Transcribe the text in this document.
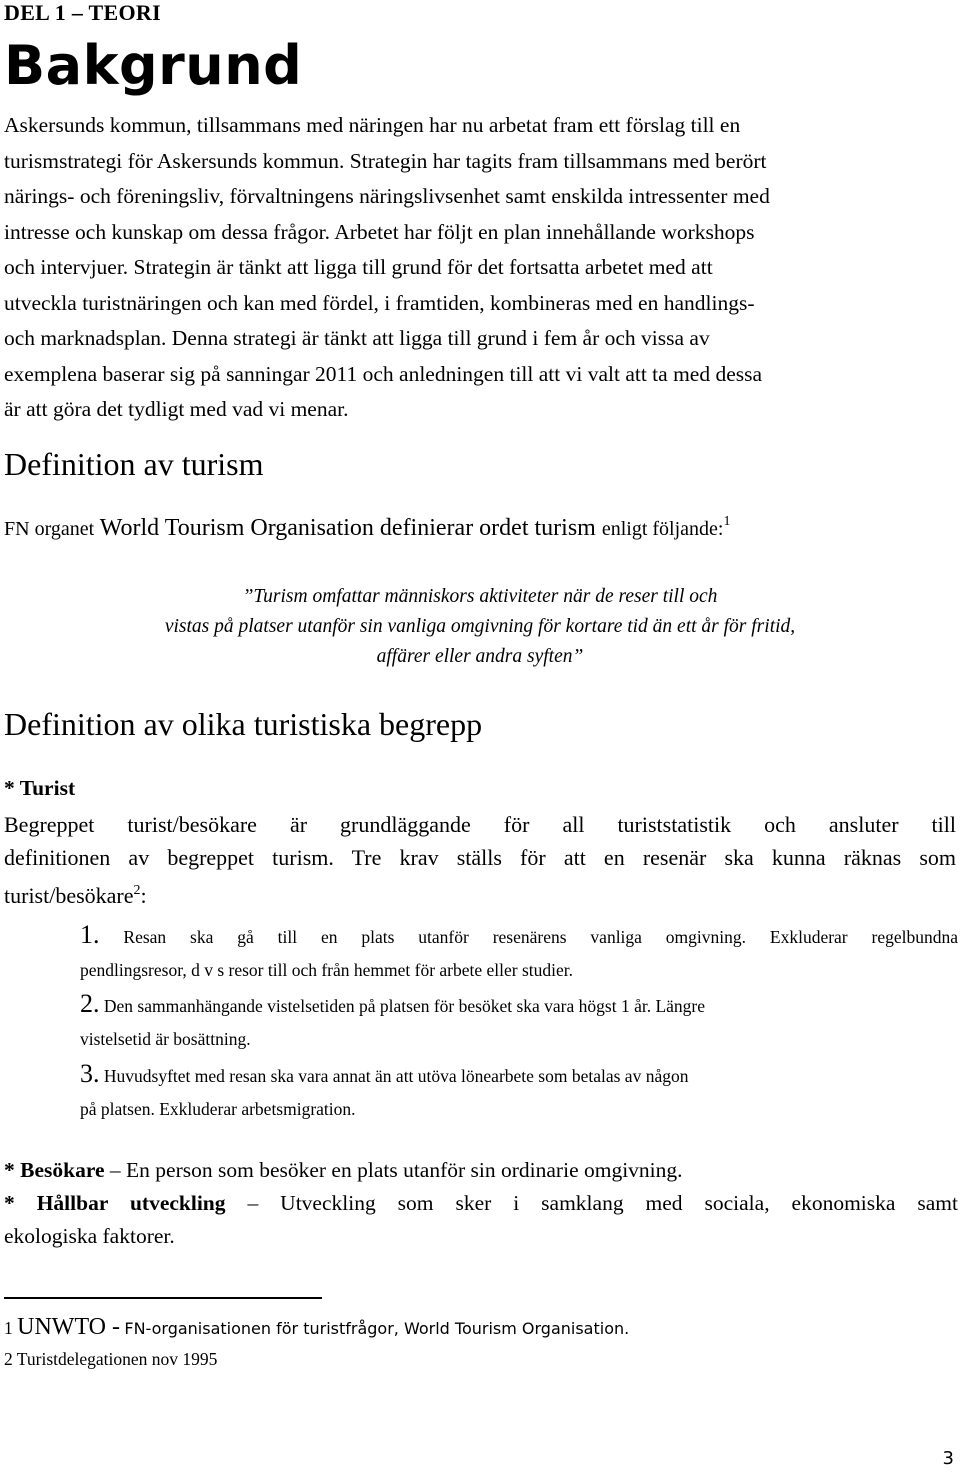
DEL 1 – TEORI
Bakgrund
Askersunds kommun, tillsammans med näringen har nu arbetat fram ett förslag till en
turismstrategi för Askersunds kommun. Strategin har tagits fram tillsammans med berört
närings- och föreningsliv, förvaltningens näringslivsenhet samt enskilda intressenter med
intresse och kunskap om dessa frågor. Arbetet har följt en plan innehållande workshops
och intervjuer. Strategin är tänkt att ligga till grund för det fortsatta arbetet med att
utveckla turistnäringen och kan med fördel, i framtiden, kombineras med en handlings-
och marknadsplan. Denna strategi är tänkt att ligga till grund i fem år och vissa av
exemplena baserar sig på sanningar 2011 och anledningen till att vi valt att ta med dessa
är att göra det tydligt med vad vi menar.
Definition av turism
FN organet World Tourism Organisation definierar ordet turism enligt följande:$^1$
”Turism omfattar människors aktiviteter när de reser till och
vistas på platser utanför sin vanliga omgivning för kortare tid än ett år för fritid,
affärer eller andra syften”
Definition av olika turistiska begrepp
* Turist
Begreppet turist/besökare är grundläggande för all turiststatistik och ansluter till
definitionen av begreppet turism. Tre krav ställs för att en resenär ska kunna räknas som
turist/besökare$^2$:
1. Resan ska gå till en plats utanför resenärens vanliga omgivning. Exkluderar regelbundna
pendlingsresor, d v s resor till och från hemmet för arbete eller studier.
2. Den sammanhängande vistelsetiden på platsen för besöket ska vara högst 1 år. Längre
vistelsetid är bosättning.
3. Huvudsyftet med resan ska vara annat än att utöva lönearbete som betalas av någon
på platsen. Exkluderar arbetsmigration.
* Besökare – En person som besöker en plats utanför sin ordinarie omgivning.
* Hållbar utveckling – Utveckling som sker i samklang med sociala, ekonomiska samt
ekologiska faktorer.
1 UNWTO - FN-organisationen för turistfrågor, World Tourism Organisation.
2 Turistdelegationen nov 1995
3
